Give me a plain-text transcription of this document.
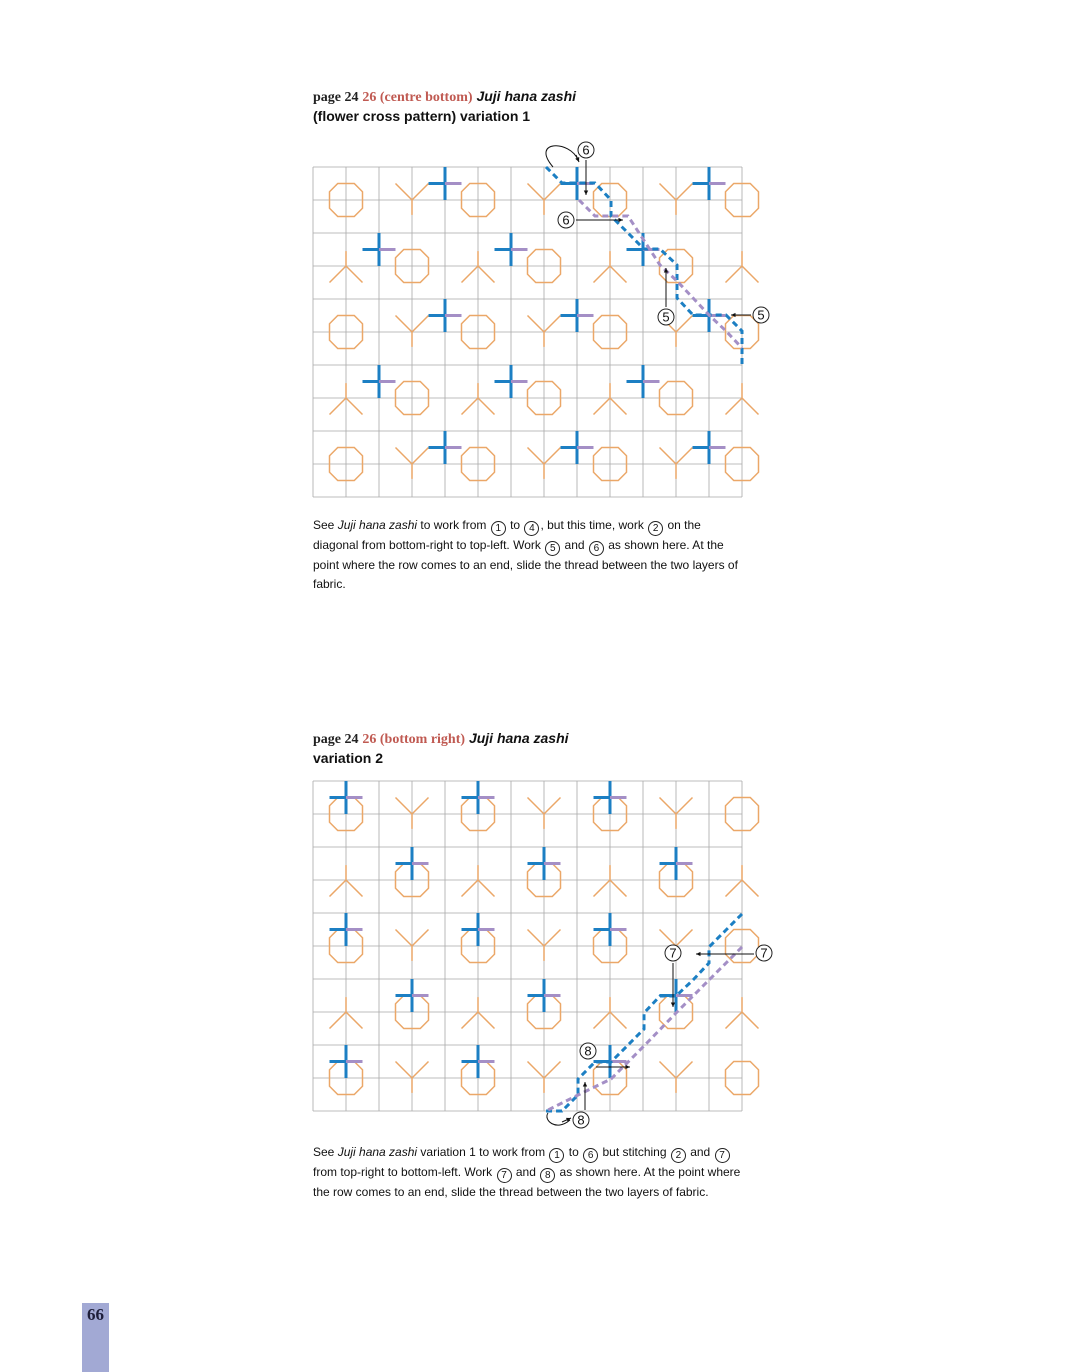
page 24 26 (centre bottom) Juji hana zashi
(flower cross pattern) variation 1
6
6
5	5
See Juji hana zashi to work from 1 to 4 , but this time, work 2 on the diagonal from bottom-right to top-left. Work 5 and 6 as shown here. At the point where the row comes to an end, slide the thread between the two layers of fabric.
page 24 26 (bottom right) Juji hana zashi
variation 2
7	7
8
8
See Juji hana zashi variation 1 to work from 1 to 6 but stitching 2 and 7 from top-right to bottom-left. Work 7 and 8 as shown here. At the point where the row comes to an end, slide the thread between the two layers of fabric.
66
